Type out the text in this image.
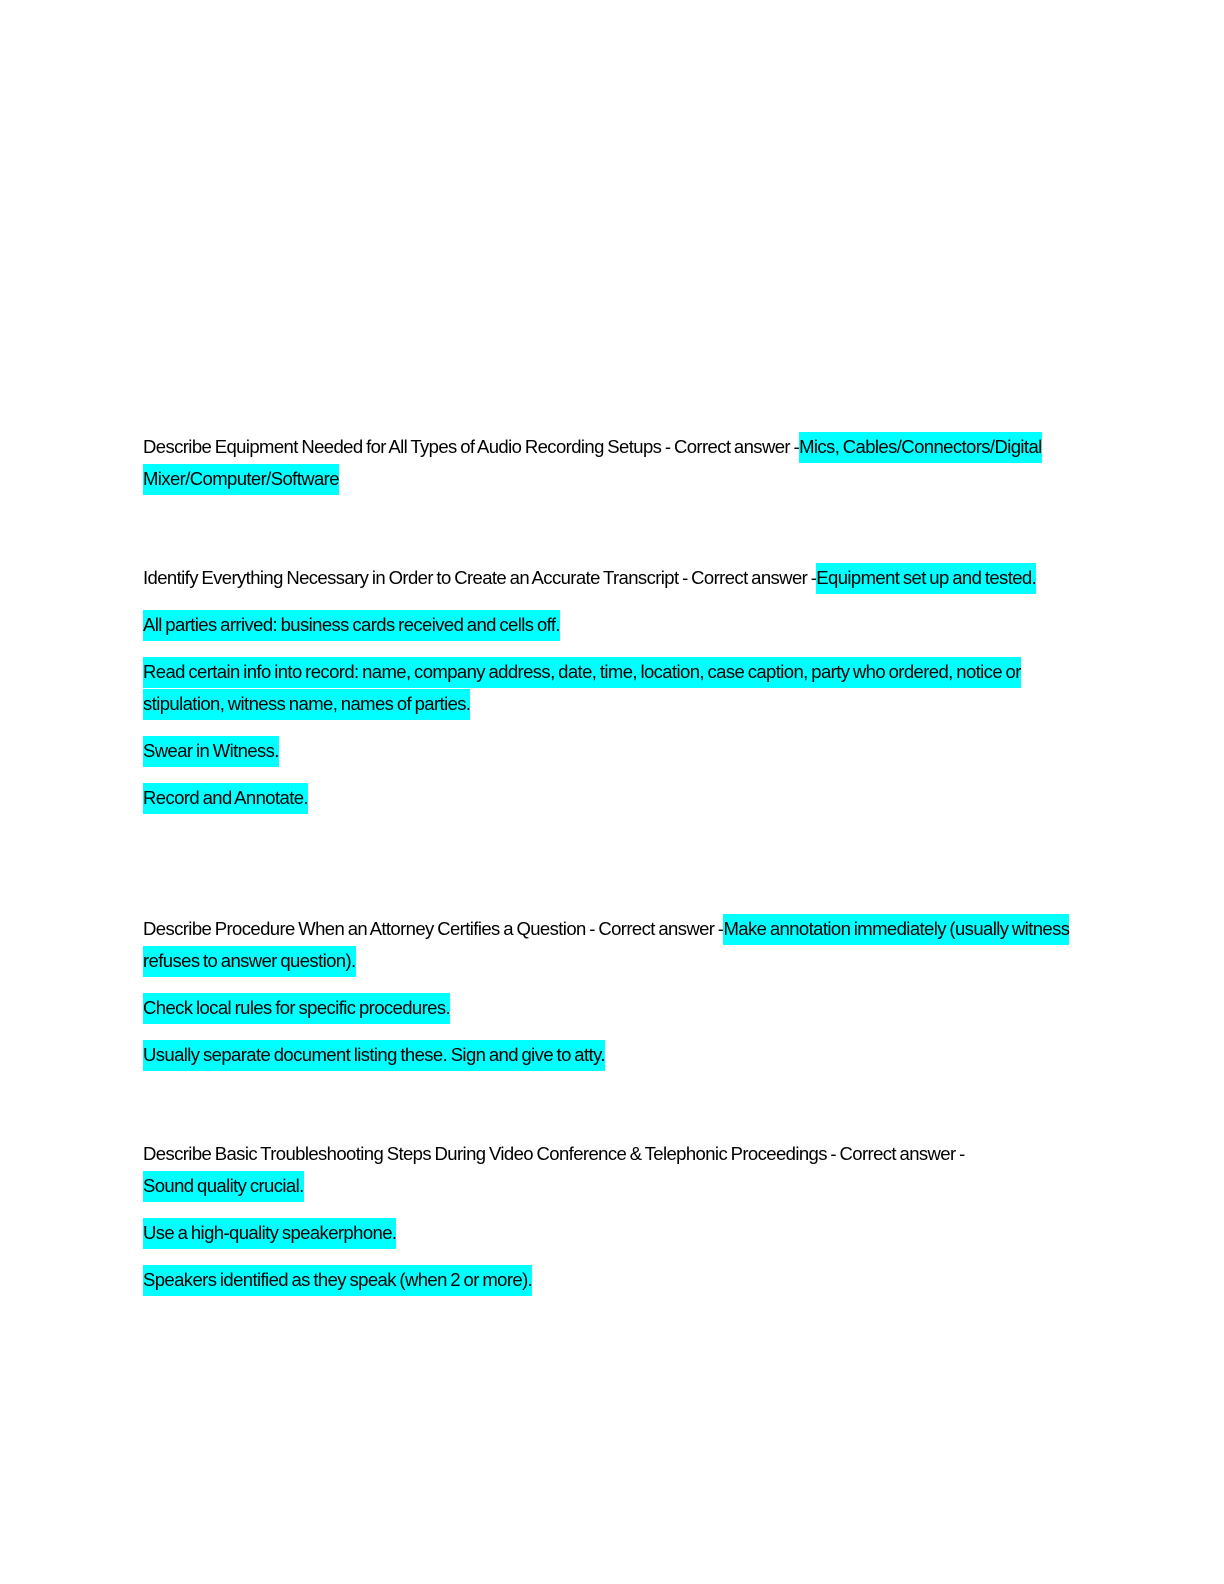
Describe Equipment Needed for All Types of Audio Recording Setups - Correct answer -Mics, Cables/Connectors/Digital Mixer/Computer/Software

Identify Everything Necessary in Order to Create an Accurate Transcript - Correct answer -Equipment set up and tested.

All parties arrived: business cards received and cells off.

Read certain info into record: name, company address, date, time, location, case caption, party who ordered, notice or stipulation, witness name, names of parties.

Swear in Witness.

Record and Annotate.

Describe Procedure When an Attorney Certifies a Question - Correct answer -Make annotation immediately (usually witness refuses to answer question).

Check local rules for specific procedures.

Usually separate document listing these. Sign and give to atty.

Describe Basic Troubleshooting Steps During Video Conference & Telephonic Proceedings - Correct answer -
Sound quality crucial.

Use a high-quality speakerphone.

Speakers identified as they speak (when 2 or more).
